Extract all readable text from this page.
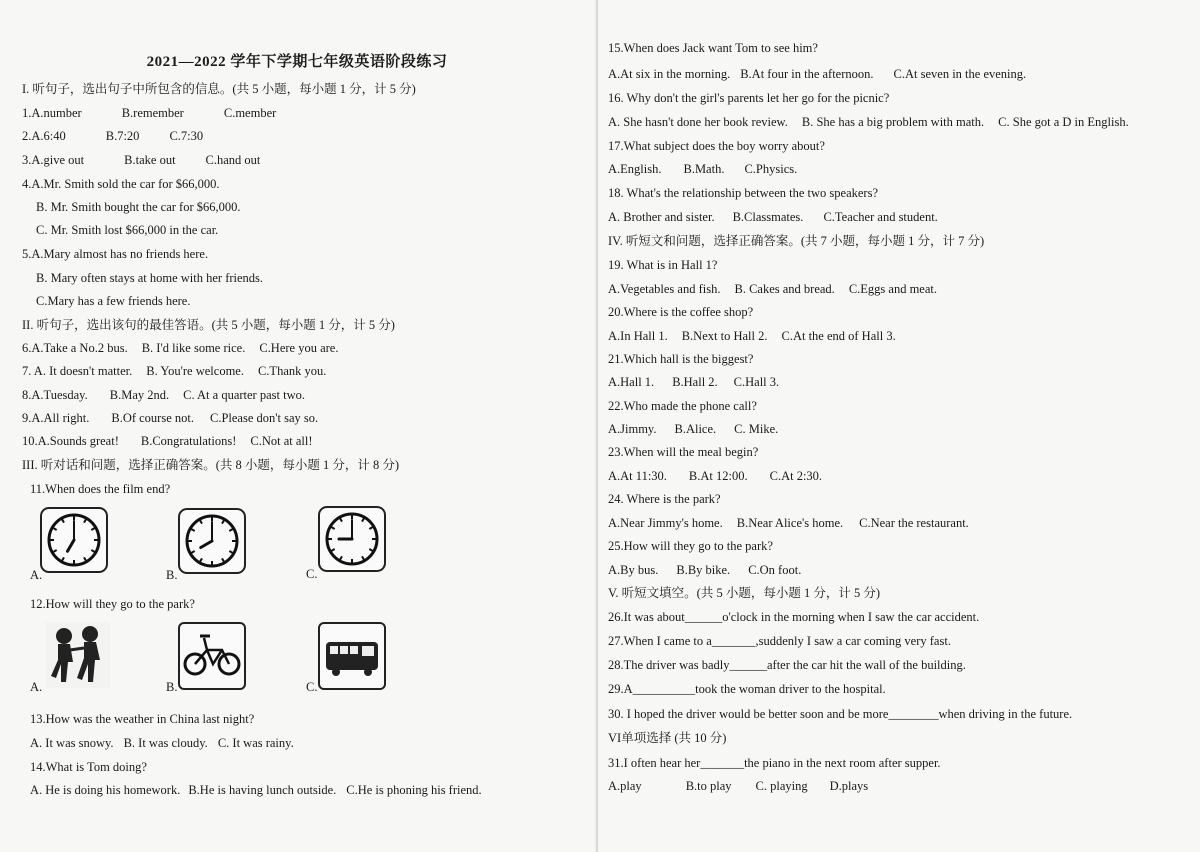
2021—2022 学年下学期七年级英语阶段练习
I. 听句子，选出句子中所包含的信息。(共 5 小题，每小题 1 分，计 5 分)
1.A.number	B.remember	C.member
2.A.6:40	B.7:20 C.7:30
3.A.give out	B.take out C.hand out
4.A.Mr. Smith sold the car for $66,000.
B. Mr. Smith bought the car for $66,000.
C. Mr. Smith lost $66,000 in the car.
5.A.Mary almost has no friends here.
B. Mary often stays at home with her friends.
C.Mary has a few friends here.
II. 听句子，选出该句的最佳答语。(共 5 小题，每小题 1 分，计 5 分)
6.A.Take a No.2 bus. B. I'd like some rice. C.Here you are.
7. A. It doesn't matter. B. You're welcome. C.Thank you.
8.A.Tuesday. B.May 2nd. C. At a quarter past two.
9.A.All right. B.Of course not. C.Please don't say so.
10.A.Sounds great! B.Congratulations! C.Not at all!
III. 听对话和问题，选择正确答案。(共 8 小题，每小题 1 分，计 8 分)
11.When does the film end?
A.	B.	C.
12.How will they go to the park?
A.	B.	C.
13.How was the weather in China last night?
A. It was snowy. B. It was cloudy. C. It was rainy.
14.What is Tom doing?
A. He is doing his homework. B.He is having lunch outside. C.He is phoning his friend.
15.When does Jack want Tom to see him?
A.At six in the morning. B.At four in the afternoon. C.At seven in the evening.
16. Why don't the girl's parents let her go for the picnic?
A. She hasn't done her book review. B. She has a big problem with math. C. She got a D in English.
17.What subject does the boy worry about?
A.English. B.Math. C.Physics.
18. What's the relationship between the two speakers?
A. Brother and sister. B.Classmates. C.Teacher and student.
IV. 听短文和问题，选择正确答案。(共 7 小题，每小题 1 分，计 7 分)
19. What is in Hall 1?
A.Vegetables and fish. B. Cakes and bread. C.Eggs and meat.
20.Where is the coffee shop?
A.In Hall 1. B.Next to Hall 2. C.At the end of Hall 3.
21.Which hall is the biggest?
A.Hall 1. B.Hall 2. C.Hall 3.
22.Who made the phone call?
A.Jimmy. B.Alice. C. Mike.
23.When will the meal begin?
A.At 11:30. B.At 12:00. C.At 2:30.
24. Where is the park?
A.Near Jimmy's home. B.Near Alice's home. C.Near the restaurant.
25.How will they go to the park?
A.By bus. B.By bike. C.On foot.
V. 听短文填空。(共 5 小题，每小题 1 分，计 5 分)
26.It was about______o'clock in the morning when I saw the car accident.
27.When I came to a_______,suddenly I saw a car coming very fast.
28.The driver was badly______after the car hit the wall of the building.
29.A__________took the woman driver to the hospital.
30. I hoped the driver would be better soon and be more________when driving in the future.
VI单项选择 (共 10 分)
31.I often hear her_______the piano in the next room after supper.
A.play	B.to play C. playing D.plays
